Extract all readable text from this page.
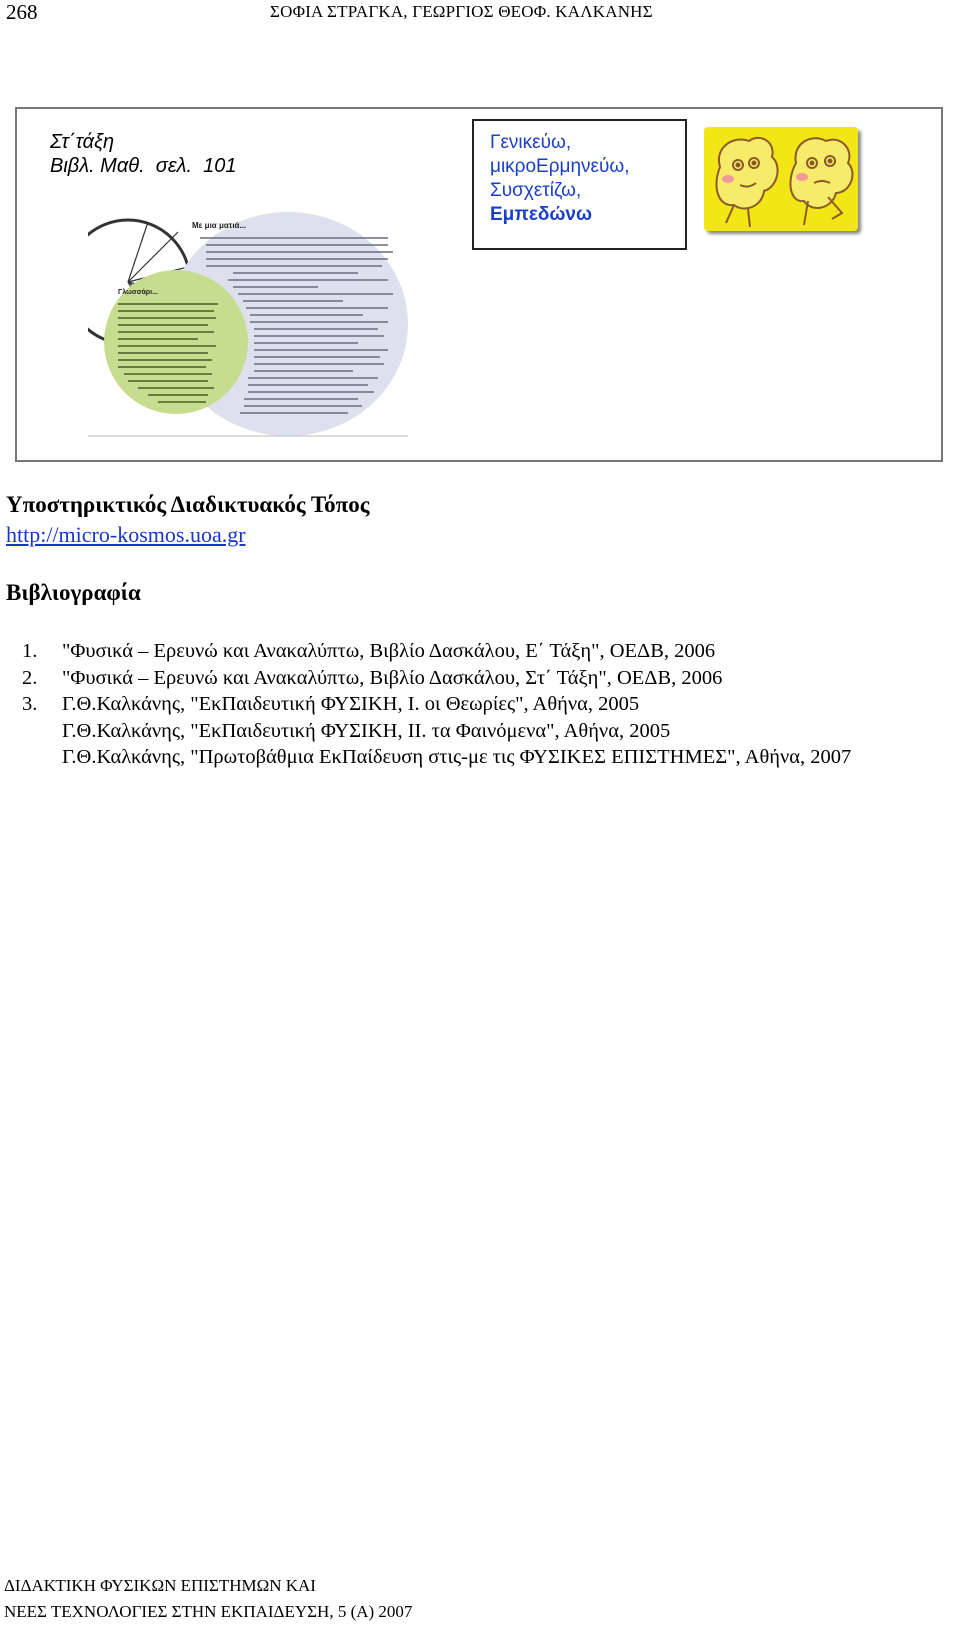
268	ΣΟΦΙΑ ΣΤΡΑΓΚΑ, ΓΕΩΡΓΙΟΣ ΘΕΟΦ. ΚΑΛΚΑΝΗΣ
Στ΄τάξη
Βιβλ. Μαθ.  σελ.  101
Γενικεύω,
μικροΕρμηνεύω,
Συσχετίζω,
Εμπεδώνω
Με μια ματιά...
Γλωσσάρι...
Υποστηρικτικός Διαδικτυακός Τόπος
http://micro-kosmos.uoa.gr
Βιβλιογραφία
1. "Φυσικά – Ερευνώ και Ανακαλύπτω, Βιβλίο Δασκάλου, Ε΄ Τάξη", ΟΕΔΒ, 2006
2. "Φυσικά – Ερευνώ και Ανακαλύπτω, Βιβλίο Δασκάλου, Στ΄ Τάξη", ΟΕΔΒ, 2006
3. Γ.Θ.Καλκάνης, "ΕκΠαιδευτική ΦΥΣΙΚΗ, Ι. οι Θεωρίες", Αθήνα, 2005
Γ.Θ.Καλκάνης, "ΕκΠαιδευτική ΦΥΣΙΚΗ, ΙΙ. τα Φαινόμενα", Αθήνα, 2005
Γ.Θ.Καλκάνης, "Πρωτοβάθμια ΕκΠαίδευση στις-με τις ΦΥΣΙΚΕΣ ΕΠΙΣΤΗΜΕΣ", Αθήνα, 2007
ΔΙΔΑΚΤΙΚΗ ΦΥΣΙΚΩΝ ΕΠΙΣΤΗΜΩΝ ΚΑΙ
ΝΕΕΣ ΤΕΧΝΟΛΟΓΙΕΣ ΣΤΗΝ ΕΚΠΑΙΔΕΥΣΗ, 5 (Α) 2007
